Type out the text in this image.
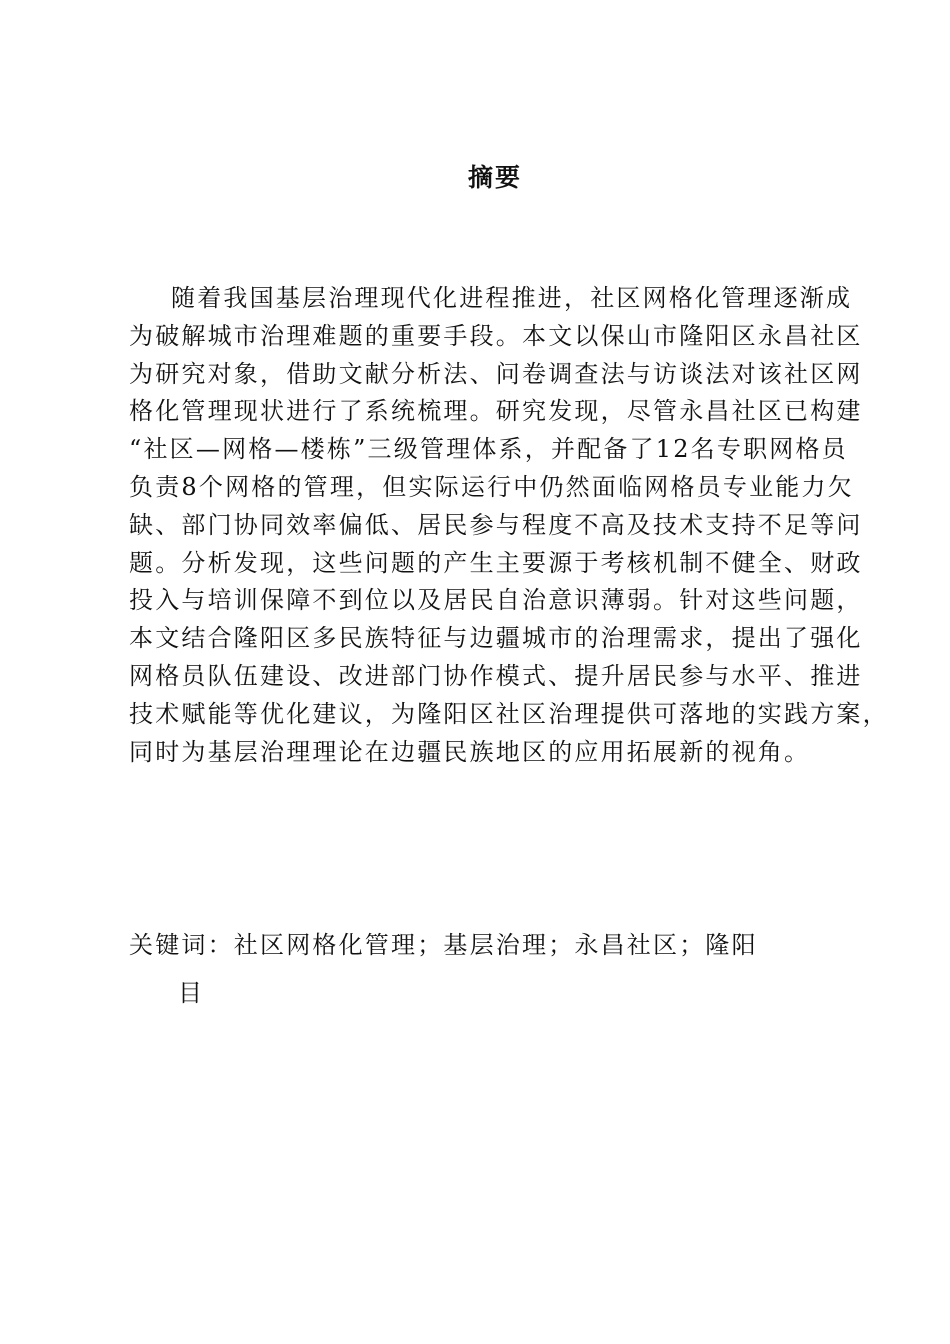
摘要
随着我国基层治理现代化进程推进，社区网格化管理逐渐成
为破解城市治理难题的重要手段。本文以保山市隆阳区永昌社区
为研究对象，借助文献分析法、问卷调查法与访谈法对该社区网
格化管理现状进行了系统梳理。研究发现，尽管永昌社区已构建
“社区—网格—楼栋”三级管理体系，并配备了12名专职网格员
负责8个网格的管理，但实际运行中仍然面临网格员专业能力欠
缺、部门协同效率偏低、居民参与程度不高及技术支持不足等问
题。分析发现，这些问题的产生主要源于考核机制不健全、财政
投入与培训保障不到位以及居民自治意识薄弱。针对这些问题，
本文结合隆阳区多民族特征与边疆城市的治理需求，提出了强化
网格员队伍建设、改进部门协作模式、提升居民参与水平、推进
技术赋能等优化建议，为隆阳区社区治理提供可落地的实践方案，
同时为基层治理理论在边疆民族地区的应用拓展新的视角。

关键词：社区网格化管理；基层治理；永昌社区；隆阳

目
